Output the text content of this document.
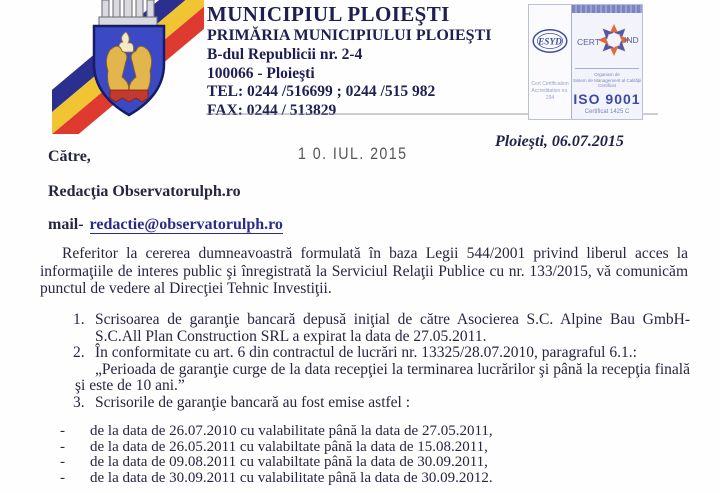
MUNICIPIUL PLOIEŞTI
PRIMĂRIA MUNICIPIULUI PLOIEŞTI
B-dul Republicii nr. 2-4
100066 - Ploieşti
TEL: 0244 /516699 ; 0244 /515 982
FAX: 0244 / 513829
ESYD
Cert Certification
Accreditation no. 294
CERT	IND
Organism de
Sistem de Management al Calităţii
Certificat
ISO 9001
Certificat 1425 C
Ploieşti, 06.07.2015
Către,	1 0. IUL. 2015
Redacţia Observatorulph.ro
mail- redactie@observatorulph.ro
Referitor la cererea dumneavoastră formulată în baza Legii 544/2001 privind liberul acces la informaţiile de interes public şi înregistrată la Serviciul Relaţii Publice cu nr. 133/2015, vă comunicăm punctul de vedere al Direcţiei Tehnic Investiţii.
1. Scrisoarea de garanţie bancară depusă iniţial de către Asocierea S.C. Alpine Bau GmbH-S.C.All Plan Construction SRL a expirat la data de 27.05.2011.
2. În conformitate cu art. 6 din contractul de lucrări nr. 13325/28.07.2010, paragraful 6.1.:
„Perioada de garanţie curge de la data recepţiei la terminarea lucrărilor şi până la recepţia finală şi este de 10 ani.”
3. Scrisorile de garanţie bancară au fost emise astfel :
- de la data de 26.07.2010 cu valabilitate până la data de 27.05.2011,
- de la data de 26.05.2011 cu valabiltate până la data de 15.08.2011,
- de la data de 09.08.2011 cu valabiltate până la data de 30.09.2011,
- de la data de 30.09.2011 cu valabilitate până la data de 30.09.2012.
